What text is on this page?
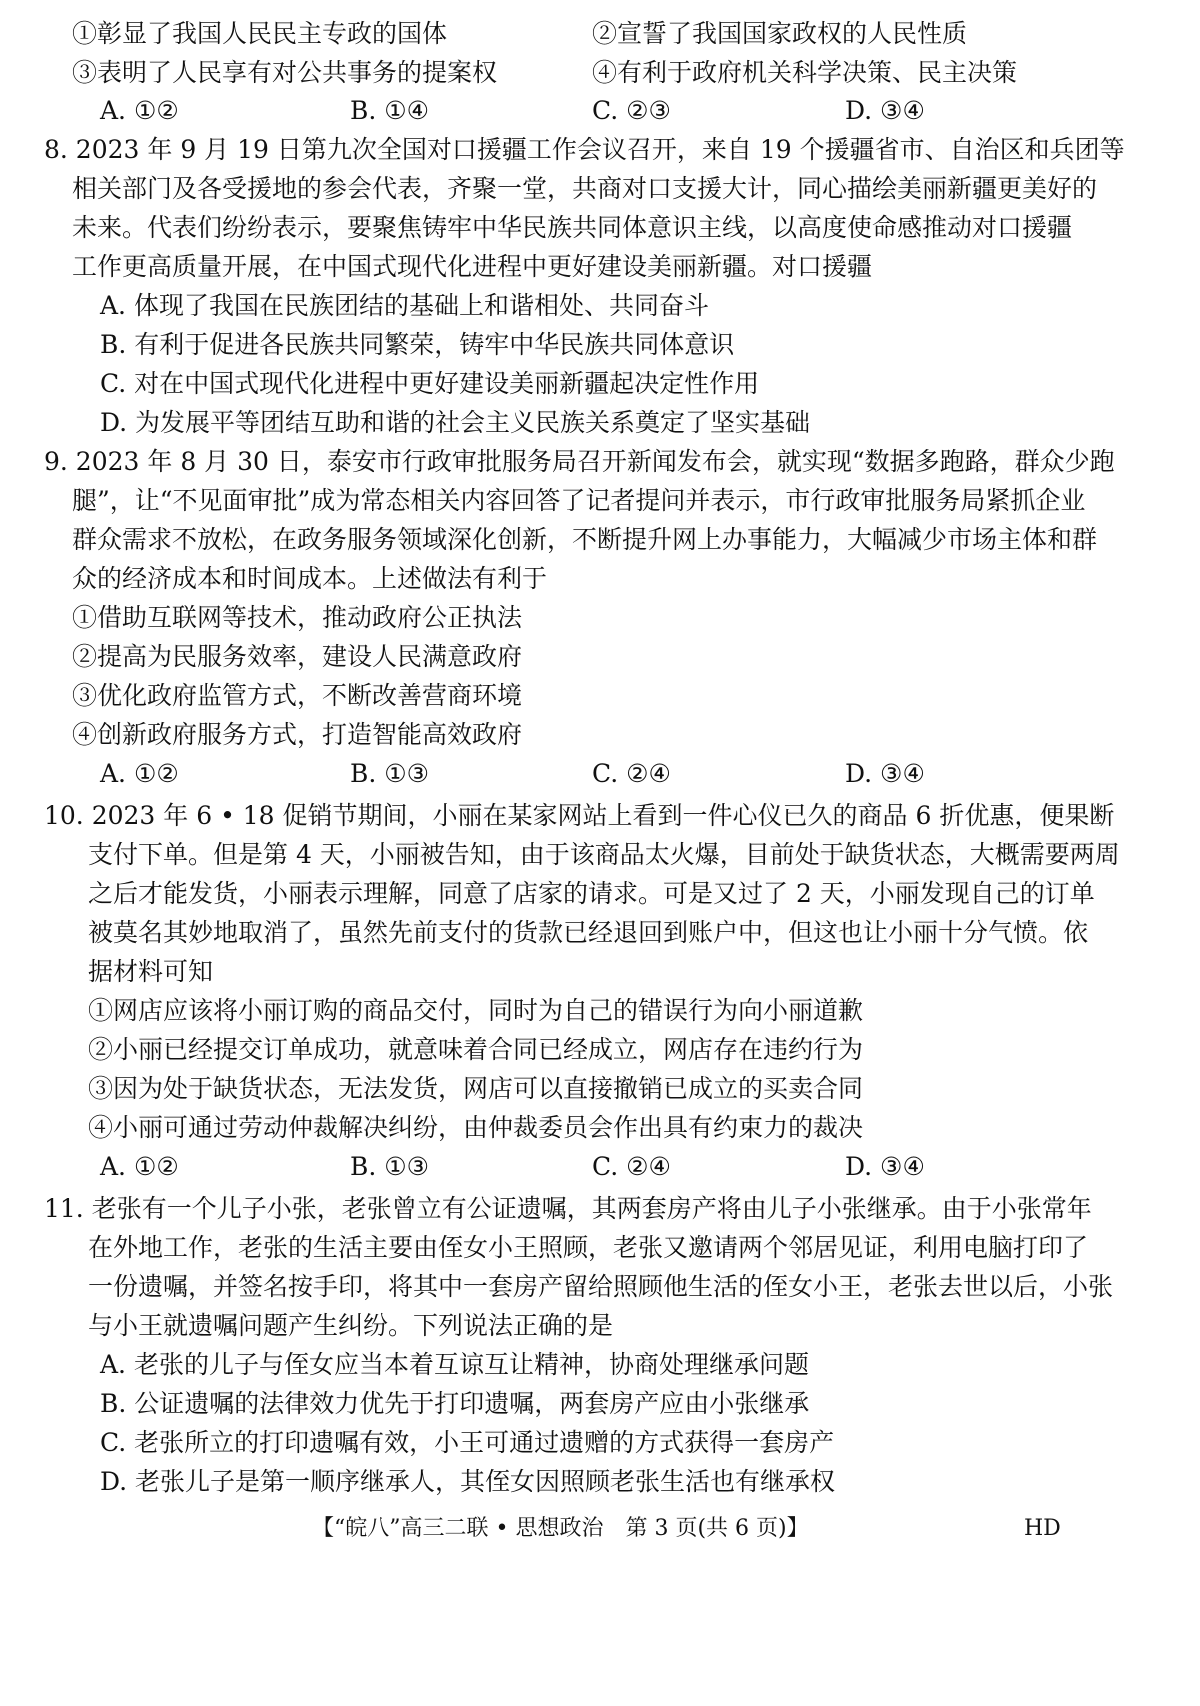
①彰显了我国人民民主专政的国体	②宣誓了我国国家政权的人民性质
③表明了人民享有对公共事务的提案权	④有利于政府机关科学决策、民主决策
A. ①②	B. ①④	C. ②③	D. ③④
8. 2023 年 9 月 19 日第九次全国对口援疆工作会议召开，来自 19 个援疆省市、自治区和兵团等
相关部门及各受援地的参会代表，齐聚一堂，共商对口支援大计，同心描绘美丽新疆更美好的
未来。代表们纷纷表示，要聚焦铸牢中华民族共同体意识主线，以高度使命感推动对口援疆
工作更高质量开展，在中国式现代化进程中更好建设美丽新疆。对口援疆
A. 体现了我国在民族团结的基础上和谐相处、共同奋斗
B. 有利于促进各民族共同繁荣，铸牢中华民族共同体意识
C. 对在中国式现代化进程中更好建设美丽新疆起决定性作用
D. 为发展平等团结互助和谐的社会主义民族关系奠定了坚实基础
9. 2023 年 8 月 30 日，泰安市行政审批服务局召开新闻发布会，就实现“数据多跑路，群众少跑
腿”，让“不见面审批”成为常态相关内容回答了记者提问并表示，市行政审批服务局紧抓企业
群众需求不放松，在政务服务领域深化创新，不断提升网上办事能力，大幅减少市场主体和群
众的经济成本和时间成本。上述做法有利于
①借助互联网等技术，推动政府公正执法
②提高为民服务效率，建设人民满意政府
③优化政府监管方式，不断改善营商环境
④创新政府服务方式，打造智能高效政府
A. ①②	B. ①③	C. ②④	D. ③④
10. 2023 年 6 • 18 促销节期间，小丽在某家网站上看到一件心仪已久的商品 6 折优惠，便果断
支付下单。但是第 4 天，小丽被告知，由于该商品太火爆，目前处于缺货状态，大概需要两周
之后才能发货，小丽表示理解，同意了店家的请求。可是又过了 2 天，小丽发现自己的订单
被莫名其妙地取消了，虽然先前支付的货款已经退回到账户中，但这也让小丽十分气愤。依
据材料可知
①网店应该将小丽订购的商品交付，同时为自己的错误行为向小丽道歉
②小丽已经提交订单成功，就意味着合同已经成立，网店存在违约行为
③因为处于缺货状态，无法发货，网店可以直接撤销已成立的买卖合同
④小丽可通过劳动仲裁解决纠纷，由仲裁委员会作出具有约束力的裁决
A. ①②	B. ①③	C. ②④	D. ③④
11. 老张有一个儿子小张，老张曾立有公证遗嘱，其两套房产将由儿子小张继承。由于小张常年
在外地工作，老张的生活主要由侄女小王照顾，老张又邀请两个邻居见证，利用电脑打印了
一份遗嘱，并签名按手印，将其中一套房产留给照顾他生活的侄女小王，老张去世以后，小张
与小王就遗嘱问题产生纠纷。下列说法正确的是
A. 老张的儿子与侄女应当本着互谅互让精神，协商处理继承问题
B. 公证遗嘱的法律效力优先于打印遗嘱，两套房产应由小张继承
C. 老张所立的打印遗嘱有效，小王可通过遗赠的方式获得一套房产
D. 老张儿子是第一顺序继承人，其侄女因照顾老张生活也有继承权
【“皖八”高三二联 • 思想政治　第 3 页(共 6 页)】	HD
